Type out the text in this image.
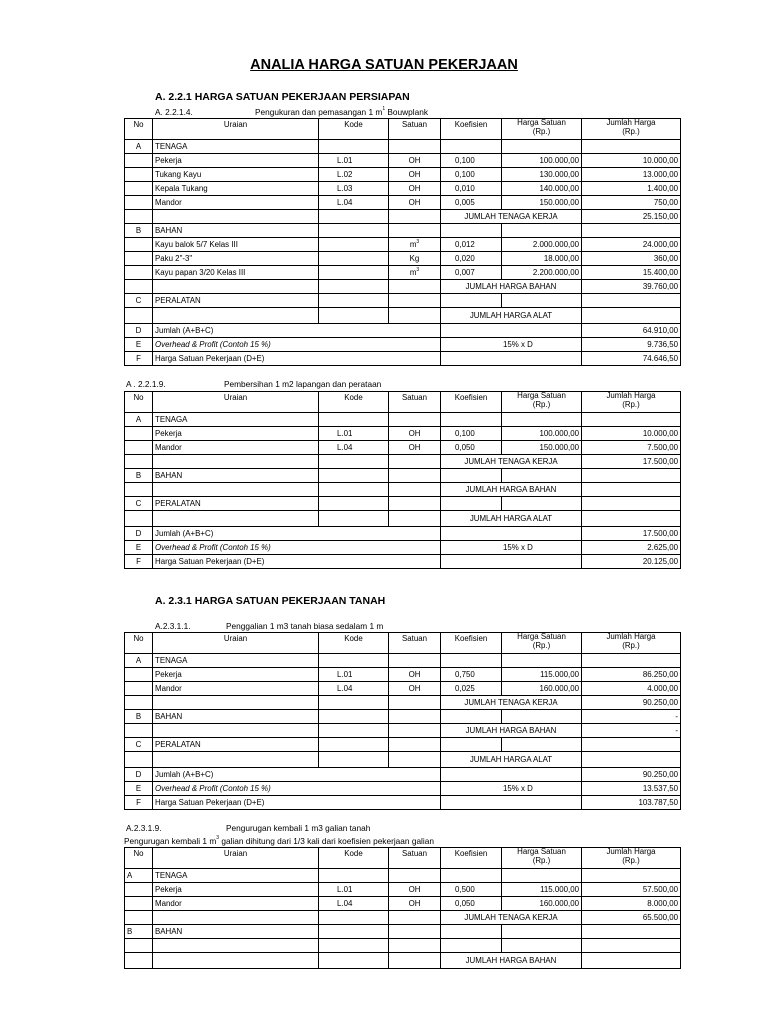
ANALIA HARGA SATUAN PEKERJAAN
A. 2.2.1 HARGA SATUAN PEKERJAAN PERSIAPAN
A. 2.2.1.4.	Pengukuran dan pemasangan 1 $m^1$ Bouwplank
No	Uraian	Kode	Satuan	Koefisien	Harga Satuan
(Rp.)	Jumlah Harga
(Rp.)
A	TENAGA					
	Pekerja	L.01	OH	0,100	100.000,00	10.000,00
	Tukang Kayu	L.02	OH	0,100	130.000,00	13.000,00
	Kepala Tukang	L.03	OH	0,010	140.000,00	1.400,00
	Mandor	L.04	OH	0,005	150.000,00	750,00
				JUMLAH TENAGA KERJA		25.150,00
B	BAHAN					
	Kayu balok 5/7 Kelas III		$m^3$	0,012	2.000.000,00	24.000,00
	Paku 2"-3"		Kg	0,020	18.000,00	360,00
	Kayu papan 3/20 Kelas III		$m^3$	0,007	2.200.000,00	15.400,00
				JUMLAH HARGA BAHAN		39.760,00
C	PERALATAN					
				JUMLAH HARGA ALAT		
D	Jumlah (A+B+C)					64.910,00
E	Overhead & Profit (Contoh 15 %)			15% x D		9.736,50
F	Harga Satuan Pekerjaan (D+E)					74.646,50
A . 2.2.1.9.	Pembersihan 1 m2 lapangan dan perataan
No	Uraian	Kode	Satuan	Koefisien	Harga Satuan
(Rp.)	Jumlah Harga
(Rp.)
A	TENAGA					
	Pekerja	L.01	OH	0,100	100.000,00	10.000,00
	Mandor	L.04	OH	0,050	150.000,00	7.500,00
				JUMLAH TENAGA KERJA		17.500,00
B	BAHAN					
				JUMLAH HARGA BAHAN		
C	PERALATAN					
				JUMLAH HARGA ALAT		
D	Jumlah (A+B+C)					17.500,00
E	Overhead & Profit (Contoh 15 %)			15% x D		2.625,00
F	Harga Satuan Pekerjaan (D+E)					20.125,00
A. 2.3.1 HARGA SATUAN PEKERJAAN TANAH
A.2.3.1.1.	Penggalian 1 m3 tanah biasa sedalam 1 m
No	Uraian	Kode	Satuan	Koefisien	Harga Satuan
(Rp.)	Jumlah Harga
(Rp.)
A	TENAGA					
	Pekerja	L.01	OH	0,750	115.000,00	86.250,00
	Mandor	L.04	OH	0,025	160.000,00	4.000,00
				JUMLAH TENAGA KERJA		90.250,00
B	BAHAN					-
				JUMLAH HARGA BAHAN		-
C	PERALATAN					
				JUMLAH HARGA ALAT		
D	Jumlah (A+B+C)					90.250,00
E	Overhead & Profit (Contoh 15 %)			15% x D		13.537,50
F	Harga Satuan Pekerjaan (D+E)					103.787,50
A.2.3.1.9.	Pengurugan kembali 1 m3 galian tanah
Pengurugan kembali 1 $m^3$ galian dihitung dari 1/3 kali dari koefisien pekerjaan galian
No	Uraian	Kode	Satuan	Koefisien	Harga Satuan
(Rp.)	Jumlah Harga
(Rp.)
A	TENAGA					
	Pekerja	L.01	OH	0,500	115.000,00	57.500,00
	Mandor	L.04	OH	0,050	160.000,00	8.000,00
				JUMLAH TENAGA KERJA		65.500,00
B	BAHAN					

				JUMLAH HARGA BAHAN		
